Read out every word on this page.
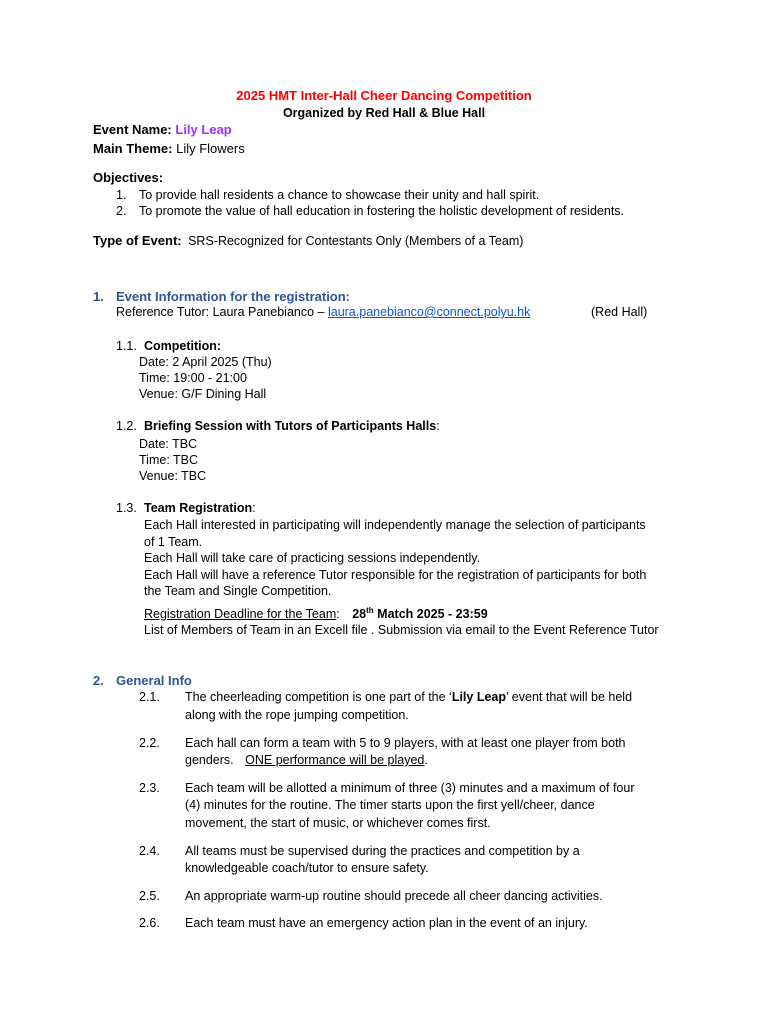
2025 HMT Inter-Hall Cheer Dancing Competition
Organized by Red Hall & Blue Hall
Event Name: Lily Leap
Main Theme: Lily Flowers
Objectives:
1. To provide hall residents a chance to showcase their unity and hall spirit.
2. To promote the value of hall education in fostering the holistic development of residents.
Type of Event: SRS-Recognized for Contestants Only (Members of a Team)
1. Event Information for the registration:
Reference Tutor: Laura Panebianco – laura.panebianco@connect.polyu.hk	(Red Hall)
1.1. Competition:
Date: 2 April 2025 (Thu)
Time: 19:00 - 21:00
Venue: G/F Dining Hall
1.2. Briefing Session with Tutors of Participants Halls:
Date: TBC
Time: TBC
Venue: TBC
1.3. Team Registration:
Each Hall interested in participating will independently manage the selection of participants
of 1 Team.
Each Hall will take care of practicing sessions independently.
Each Hall will have a reference Tutor responsible for the registration of participants for both
the Team and Single Competition.
Registration Deadline for the Team: 28th Match 2025 - 23:59
List of Members of Team in an Excell file . Submission via email to the Event Reference Tutor
2. General Info
2.1. The cheerleading competition is one part of the ‘Lily Leap’ event that will be held
along with the rope jumping competition.
2.2. Each hall can form a team with 5 to 9 players, with at least one player from both
genders. ONE performance will be played.
2.3. Each team will be allotted a minimum of three (3) minutes and a maximum of four
(4) minutes for the routine. The timer starts upon the first yell/cheer, dance
movement, the start of music, or whichever comes first.
2.4. All teams must be supervised during the practices and competition by a
knowledgeable coach/tutor to ensure safety.
2.5. An appropriate warm-up routine should precede all cheer dancing activities.
2.6. Each team must have an emergency action plan in the event of an injury.
